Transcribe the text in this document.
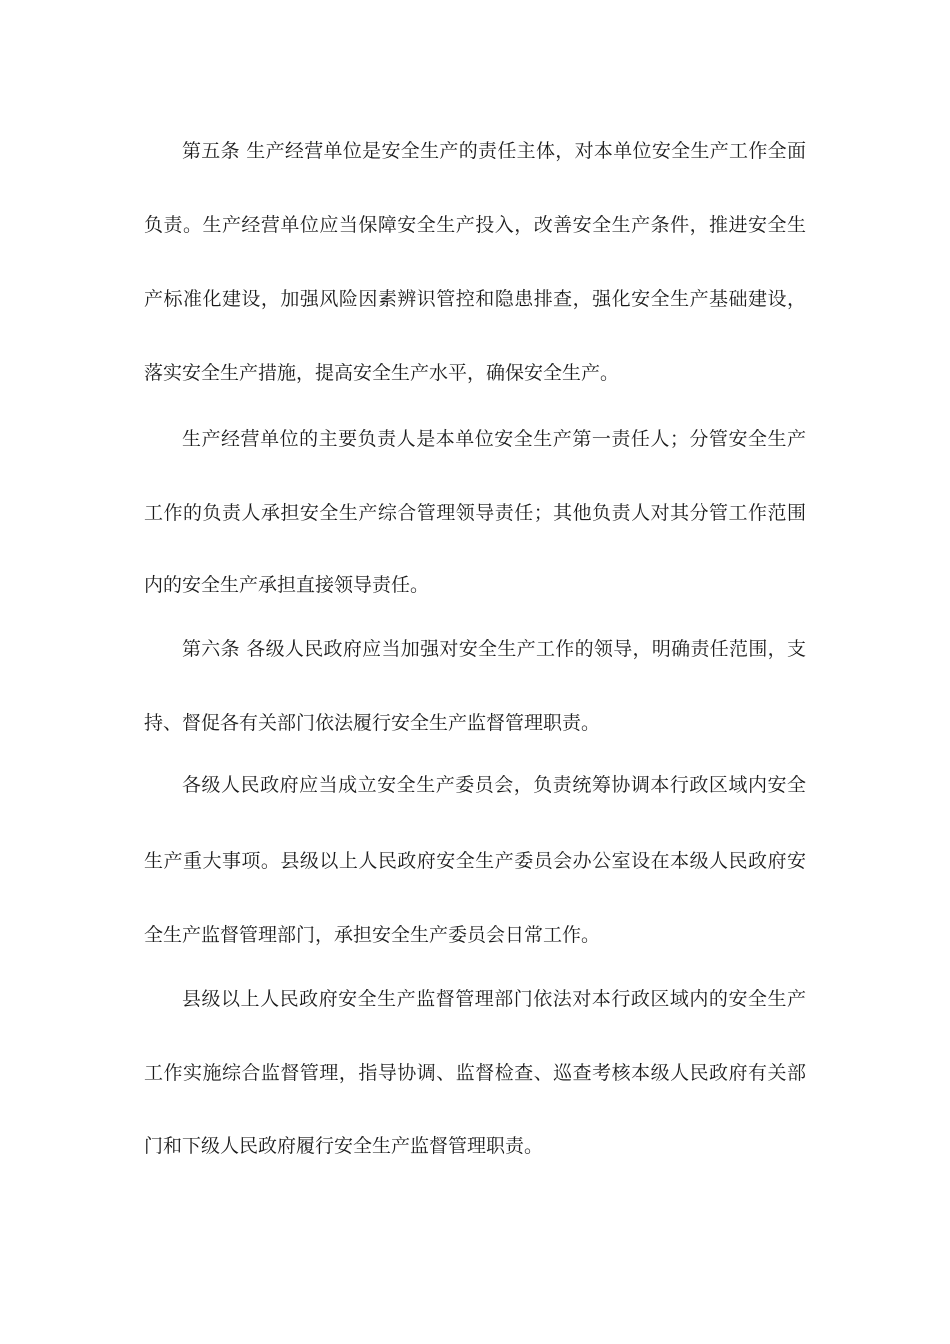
第五条 生产经营单位是安全生产的责任主体，对本单位安全生产工作全面
负责。生产经营单位应当保障安全生产投入，改善安全生产条件，推进安全生
产标准化建设，加强风险因素辨识管控和隐患排查，强化安全生产基础建设，
落实安全生产措施，提高安全生产水平，确保安全生产。
生产经营单位的主要负责人是本单位安全生产第一责任人；分管安全生产
工作的负责人承担安全生产综合管理领导责任；其他负责人对其分管工作范围
内的安全生产承担直接领导责任。
第六条 各级人民政府应当加强对安全生产工作的领导，明确责任范围，支
持、督促各有关部门依法履行安全生产监督管理职责。
各级人民政府应当成立安全生产委员会，负责统筹协调本行政区域内安全
生产重大事项。县级以上人民政府安全生产委员会办公室设在本级人民政府安
全生产监督管理部门，承担安全生产委员会日常工作。
县级以上人民政府安全生产监督管理部门依法对本行政区域内的安全生产
工作实施综合监督管理，指导协调、监督检查、巡查考核本级人民政府有关部
门和下级人民政府履行安全生产监督管理职责。
